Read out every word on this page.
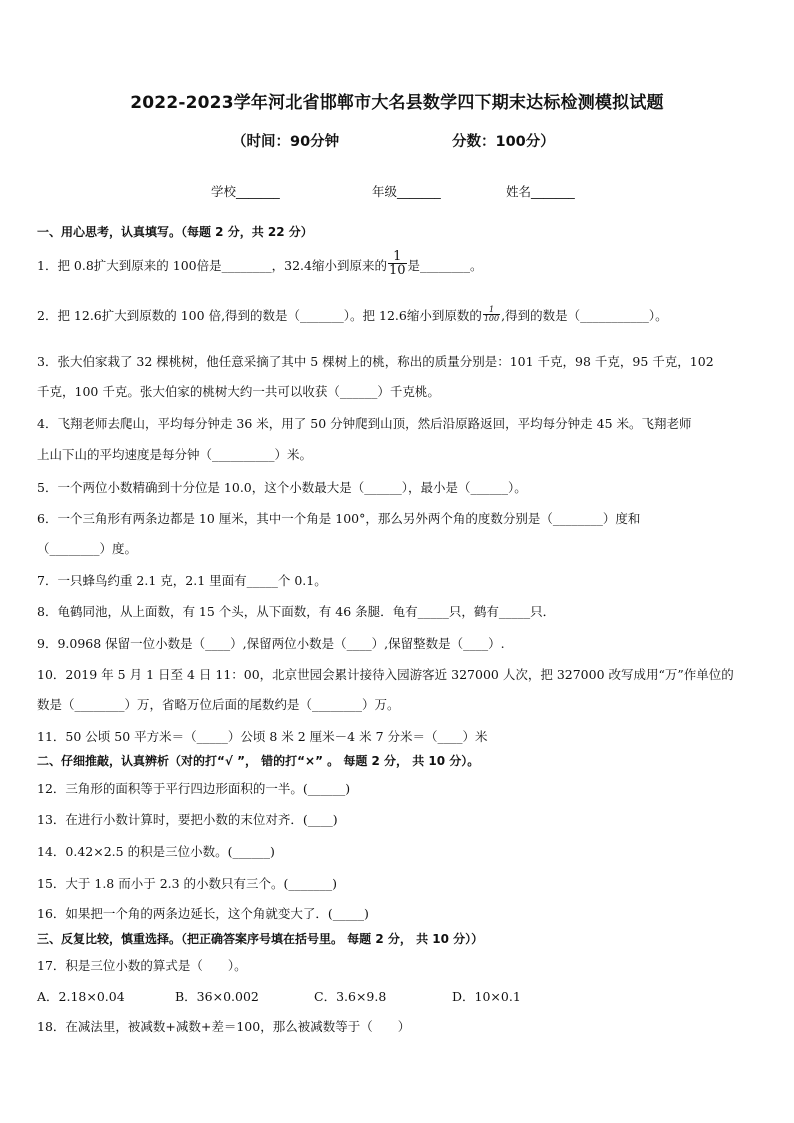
2022-2023学年河北省邯郸市大名县数学四下期末达标检测模拟试题
（时间：90分钟	分数：100分）
学校_______	年级_______	姓名_______
一、用心思考，认真填写。（每题 2 分，共 22 分）
1．把 0.8扩大到原来的 100倍是________，32.4缩小到原来的 $\frac{1}{10}$ 是________。
2．把 12.6扩大到原数的 100 倍,得到的数是（_______）。把 12.6缩小到原数的 $\frac{1}{100}$ ,得到的数是（___________）。
3．张大伯家栽了 32 棵桃树，他任意采摘了其中 5 棵树上的桃，称出的质量分别是：101 千克，98 千克，95 千克，102
千克，100 千克。张大伯家的桃树大约一共可以收获（______）千克桃。
4．飞翔老师去爬山，平均每分钟走 36 米，用了 50 分钟爬到山顶，然后沿原路返回，平均每分钟走 45 米。飞翔老师
上山下山的平均速度是每分钟（__________）米。
5．一个两位小数精确到十分位是 10.0，这个小数最大是（______），最小是（______）。
6．一个三角形有两条边都是 10 厘米，其中一个角是 100°，那么另外两个角的度数分别是（________）度和
（________）度。
7．一只蜂鸟约重 2.1 克，2.1 里面有_____个 0.1。
8．龟鹤同池，从上面数，有 15 个头，从下面数，有 46 条腿．龟有_____只，鹤有_____只．
9．9.0968 保留一位小数是（____）,保留两位小数是（____）,保留整数是（____）.
10．2019 年 5 月 1 日至 4 日 11：00，北京世园会累计接待入园游客近 327000 人次，把 327000 改写成用“万”作单位的
数是（________）万，省略万位后面的尾数约是（________）万。
11．50 公顷 50 平方米＝（_____）公顷 8 米 2 厘米－4 米 7 分米＝（____）米
二、仔细推敲，认真辨析（对的打“√ ”， 错的打“×” 。 每题 2 分， 共 10 分）。
12．三角形的面积等于平行四边形面积的一半。(______)
13．在进行小数计算时，要把小数的末位对齐．(____)
14．0.42×2.5 的积是三位小数。(______)
15．大于 1.8 而小于 2.3 的小数只有三个。(_______)
16．如果把一个角的两条边延长，这个角就变大了．(_____)
三、反复比较，慎重选择。（把正确答案序号填在括号里。 每题 2 分， 共 10 分））
17．积是三位小数的算式是（　　）。
A．2.18×0.04	B．36×0.002	C．3.6×9.8	D．10×0.1
18．在减法里，被减数+减数+差＝100，那么被减数等于（　　）
